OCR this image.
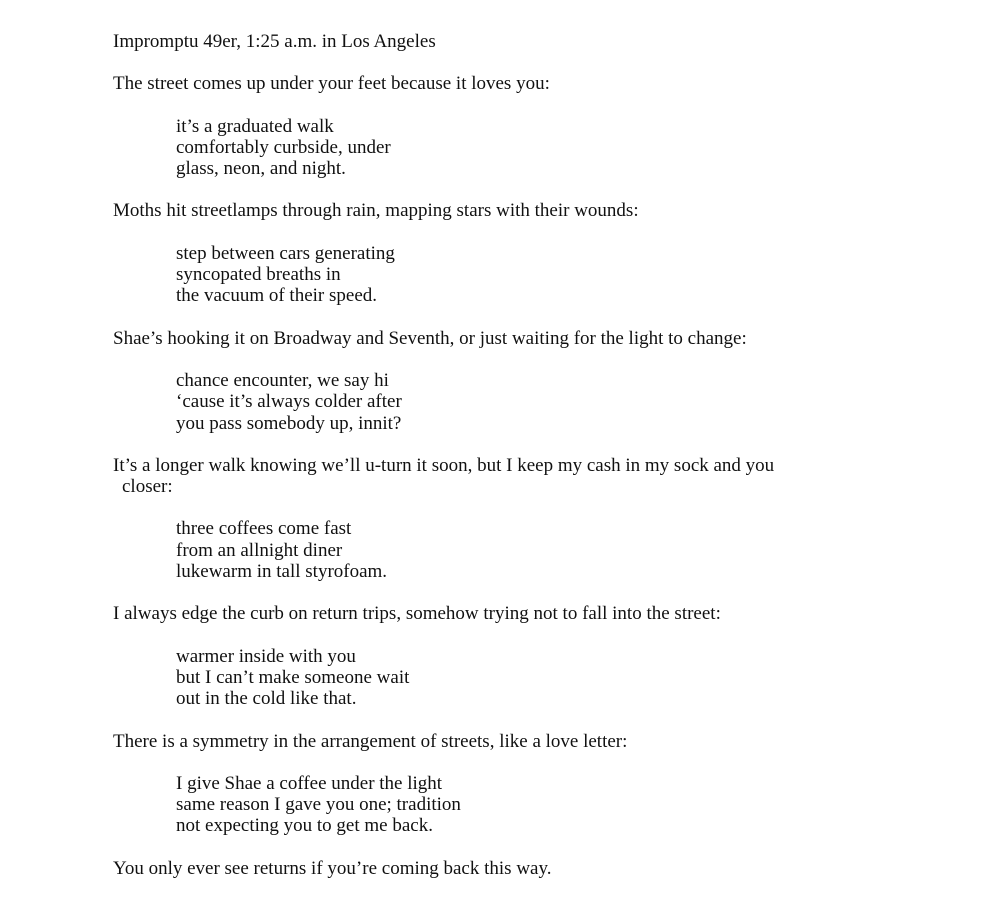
Impromptu 49er, 1:25 a.m. in Los Angeles
The street comes up under your feet because it loves you:
it’s a graduated walk
comfortably curbside, under
glass, neon, and night.
Moths hit streetlamps through rain, mapping stars with their wounds:
step between cars generating
syncopated breaths in
the vacuum of their speed.
Shae’s hooking it on Broadway and Seventh, or just waiting for the light to change:
chance encounter, we say hi
‘cause it’s always colder after
you pass somebody up, innit?
It’s a longer walk knowing we’ll u-turn it soon, but I keep my cash in my sock and you
closer:
three coffees come fast
from an allnight diner
lukewarm in tall styrofoam.
I always edge the curb on return trips, somehow trying not to fall into the street:
warmer inside with you
but I can’t make someone wait
out in the cold like that.
There is a symmetry in the arrangement of streets, like a love letter:
I give Shae a coffee under the light
same reason I gave you one; tradition
not expecting you to get me back.
You only ever see returns if you’re coming back this way.
